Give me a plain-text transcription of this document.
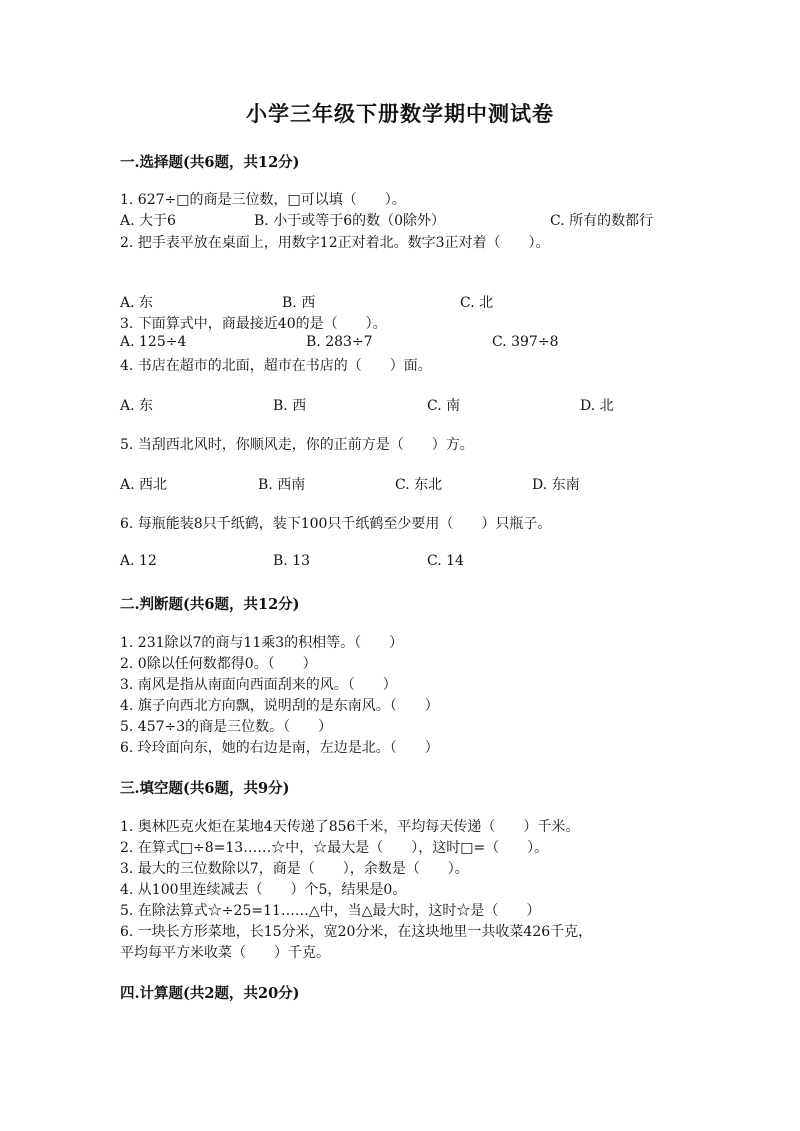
小学三年级下册数学期中测试卷
一.选择题(共6题，共12分)
1. 627÷□的商是三位数，□可以填（　　）。
A. 大于6	B. 小于或等于6的数（0除外）	C. 所有的数都行
2. 把手表平放在桌面上，用数字12正对着北。数字3正对着（　　）。
A. 东	B. 西	C. 北
3. 下面算式中，商最接近40的是（　　）。
A. 125÷4	B. 283÷7	C. 397÷8
4. 书店在超市的北面，超市在书店的（　　）面。
A. 东	B. 西	C. 南	D. 北
5. 当刮西北风时，你顺风走，你的正前方是（　　）方。
A. 西北	B. 西南	C. 东北	D. 东南
6. 每瓶能装8只千纸鹤，装下100只千纸鹤至少要用（　　）只瓶子。
A. 12	B. 13	C. 14
二.判断题(共6题，共12分)
1. 231除以7的商与11乘3的积相等。（　　）
2. 0除以任何数都得0。（　　）
3. 南风是指从南面向西面刮来的风。（　　）
4. 旗子向西北方向飘，说明刮的是东南风。（　　）
5. 457÷3的商是三位数。（　　）
6. 玲玲面向东，她的右边是南，左边是北。（　　）
三.填空题(共6题，共9分)
1. 奥林匹克火炬在某地4天传递了856千米，平均每天传递（　　）千米。
2. 在算式□÷8=13……☆中，☆最大是（　　），这时□=（　　）。
3. 最大的三位数除以7，商是（　　），余数是（　　）。
4. 从100里连续减去（　　）个5，结果是0。
5. 在除法算式☆÷25=11……△中，当△最大时，这时☆是（　　）
6. 一块长方形菜地，长15分米，宽20分米，在这块地里一共收菜426千克，
平均每平方米收菜（　　）千克。
四.计算题(共2题，共20分)
